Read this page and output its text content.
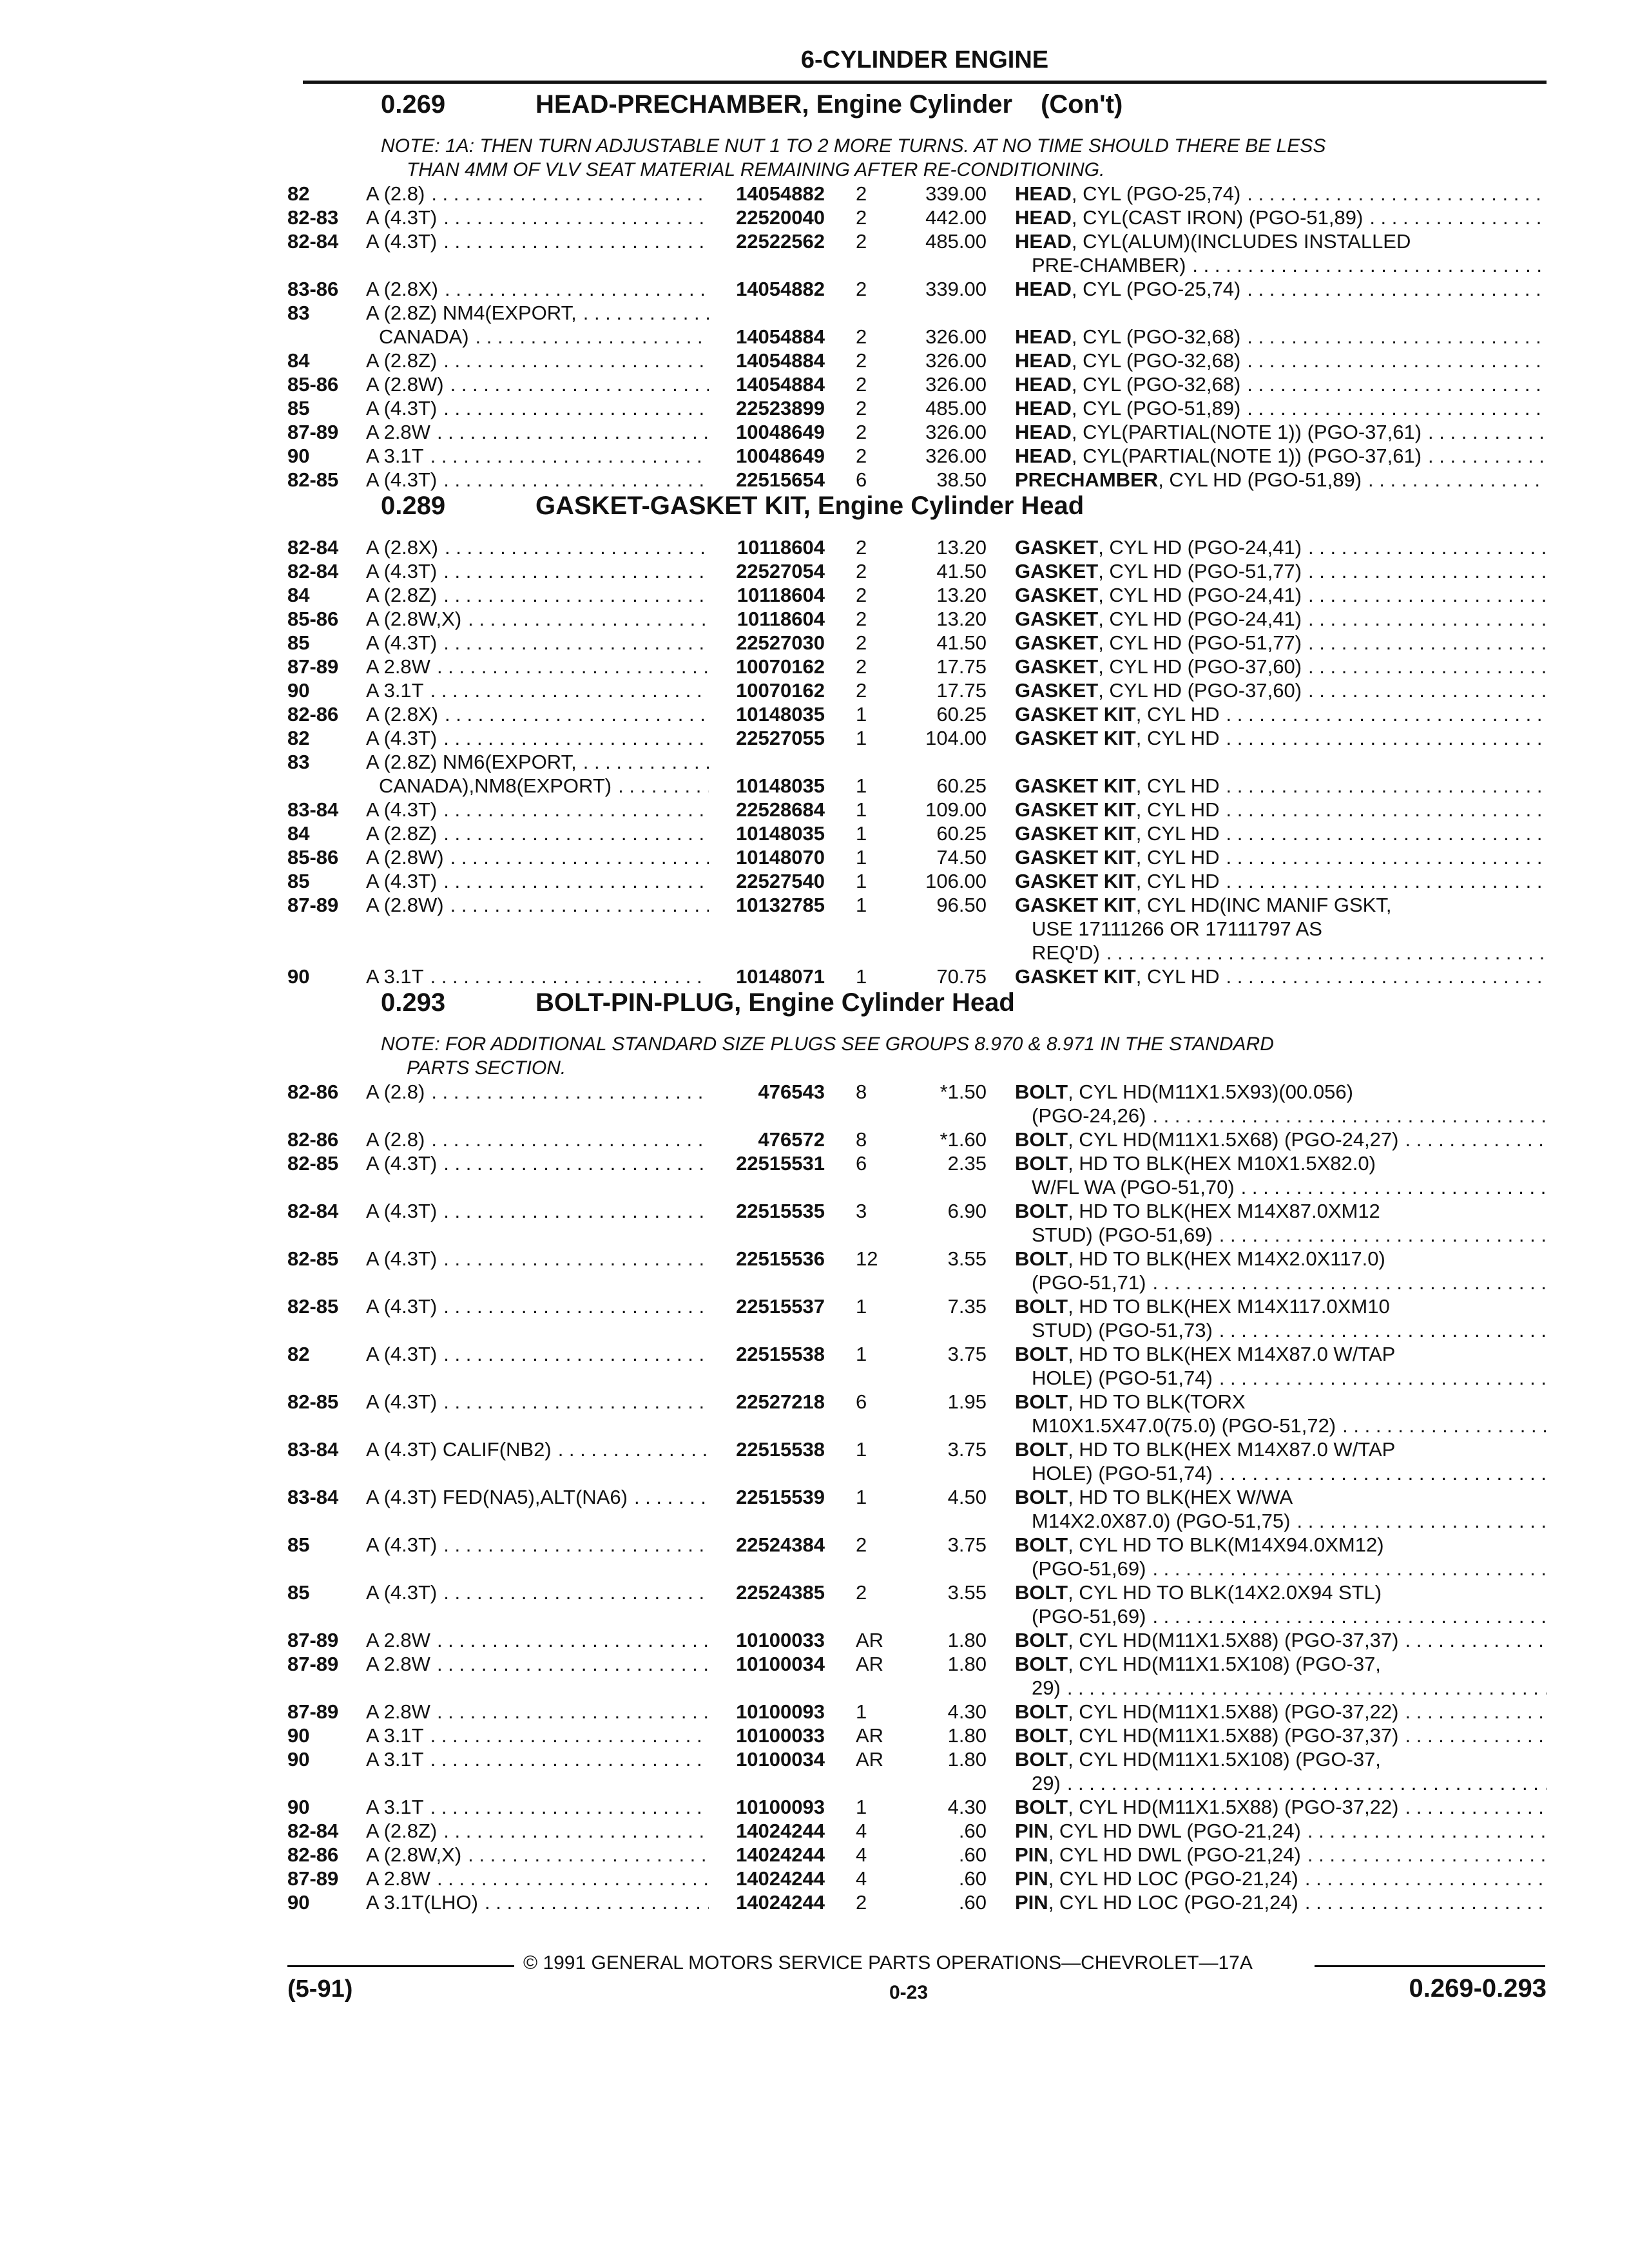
6-CYLINDER ENGINE
0.269	HEAD-PRECHAMBER, Engine Cylinder (Con't)
NOTE: 1A: THEN TURN ADJUSTABLE NUT 1 TO 2 MORE TURNS. AT NO TIME SHOULD THERE BE LESS
THAN 4MM OF VLV SEAT MATERIAL REMAINING AFTER RE-CONDITIONING.
82	A (2.8) . . .	14054882	2	339.00	HEAD , CYL (PGO-25,74)
. . .
82-83	A (4.3T) . . .	22520040	2	442.00	HEAD , CYL(CAST IRON) (PGO-51,89)
. . .
82-84	A (4.3T) . . .	22522562	2	485.00	HEAD , CYL(ALUM)(INCLUDES INSTALLED
PRE-CHAMBER)
. . .
83-86	A (2.8X) . . .	14054882	2	339.00	HEAD , CYL (PGO-25,74)
. . .
83	A (2.8Z) NM4(EXPORT, . . .
CANADA) . . .	14054884	2	326.00	HEAD , CYL (PGO-32,68)
. . .
84	A (2.8Z) . . .	14054884	2	326.00	HEAD , CYL (PGO-32,68)
. . .
85-86	A (2.8W) . . .	14054884	2	326.00	HEAD , CYL (PGO-32,68)
. . .
85	A (4.3T) . . .	22523899	2	485.00	HEAD , CYL (PGO-51,89)
. . .
87-89	A 2.8W . . .	10048649	2	326.00	HEAD , CYL(PARTIAL(NOTE 1)) (PGO-37,61)
. . .
90	A 3.1T . . .	10048649	2	326.00	HEAD , CYL(PARTIAL(NOTE 1)) (PGO-37,61)
. . .
82-85	A (4.3T) . . .	22515654	6	38.50	PRECHAMBER , CYL HD (PGO-51,89)
. . .
0.289	GASKET-GASKET KIT, Engine Cylinder Head
82-84	A (2.8X) . . .	10118604	2	13.20	GASKET , CYL HD (PGO-24,41)
. . .
82-84	A (4.3T) . . .	22527054	2	41.50	GASKET , CYL HD (PGO-51,77)
. . .
84	A (2.8Z) . . .	10118604	2	13.20	GASKET , CYL HD (PGO-24,41)
. . .
85-86	A (2.8W,X) . . .	10118604	2	13.20	GASKET , CYL HD (PGO-24,41)
. . .
85	A (4.3T) . . .	22527030	2	41.50	GASKET , CYL HD (PGO-51,77)
. . .
87-89	A 2.8W . . .	10070162	2	17.75	GASKET , CYL HD (PGO-37,60)
. . .
90	A 3.1T . . .	10070162	2	17.75	GASKET , CYL HD (PGO-37,60)
. . .
82-86	A (2.8X) . . .	10148035	1	60.25	GASKET KIT , CYL HD
. . .
82	A (4.3T) . . .	22527055	1	104.00	GASKET KIT , CYL HD
. . .
83	A (2.8Z) NM6(EXPORT, . . .
CANADA),NM8(EXPORT) . . .	10148035	1	60.25	GASKET KIT , CYL HD
. . .
83-84	A (4.3T) . . .	22528684	1	109.00	GASKET KIT , CYL HD
. . .
84	A (2.8Z) . . .	10148035	1	60.25	GASKET KIT , CYL HD
. . .
85-86	A (2.8W) . . .	10148070	1	74.50	GASKET KIT , CYL HD
. . .
85	A (4.3T) . . .	22527540	1	106.00	GASKET KIT , CYL HD
. . .
87-89	A (2.8W) . . .	10132785	1	96.50	GASKET KIT , CYL HD(INC MANIF GSKT,
USE 17111266 OR 17111797 AS
REQ'D)
. . .
90	A 3.1T . . .	10148071	1	70.75	GASKET KIT , CYL HD
. . .
0.293	BOLT-PIN-PLUG, Engine Cylinder Head
NOTE: FOR ADDITIONAL STANDARD SIZE PLUGS SEE GROUPS 8.970 & 8.971 IN THE STANDARD
PARTS SECTION.
82-86	A (2.8) . . .	476543	8	*1.50	BOLT , CYL HD(M11X1.5X93)(00.056)
(PGO-24,26)
. . .
82-86	A (2.8) . . .	476572	8	*1.60	BOLT , CYL HD(M11X1.5X68) (PGO-24,27)
. . .
82-85	A (4.3T) . . .	22515531	6	2.35	BOLT , HD TO BLK(HEX M10X1.5X82.0)
W/FL WA (PGO-51,70)
. . .
82-84	A (4.3T) . . .	22515535	3	6.90	BOLT , HD TO BLK(HEX M14X87.0XM12
STUD) (PGO-51,69)
. . .
82-85	A (4.3T) . . .	22515536	12	3.55	BOLT , HD TO BLK(HEX M14X2.0X117.0)
(PGO-51,71)
. . .
82-85	A (4.3T) . . .	22515537	1	7.35	BOLT , HD TO BLK(HEX M14X117.0XM10
STUD) (PGO-51,73)
. . .
82	A (4.3T) . . .	22515538	1	3.75	BOLT , HD TO BLK(HEX M14X87.0 W/TAP
HOLE) (PGO-51,74)
. . .
82-85	A (4.3T) . . .	22527218	6	1.95	BOLT , HD TO BLK(TORX
M10X1.5X47.0(75.0) (PGO-51,72)
. . .
83-84	A (4.3T) CALIF(NB2) . . .	22515538	1	3.75	BOLT , HD TO BLK(HEX M14X87.0 W/TAP
HOLE) (PGO-51,74)
. . .
83-84	A (4.3T) FED(NA5),ALT(NA6) . . .	22515539	1	4.50	BOLT , HD TO BLK(HEX W/WA
M14X2.0X87.0) (PGO-51,75)
. . .
85	A (4.3T) . . .	22524384	2	3.75	BOLT , CYL HD TO BLK(M14X94.0XM12)
(PGO-51,69)
. . .
85	A (4.3T) . . .	22524385	2	3.55	BOLT , CYL HD TO BLK(14X2.0X94 STL)
(PGO-51,69)
. . .
87-89	A 2.8W . . .	10100033	AR	1.80	BOLT , CYL HD(M11X1.5X88) (PGO-37,37)
. . .
87-89	A 2.8W . . .	10100034	AR	1.80	BOLT , CYL HD(M11X1.5X108) (PGO-37,
29)
. . .
87-89	A 2.8W . . .	10100093	1	4.30	BOLT , CYL HD(M11X1.5X88) (PGO-37,22)
. . .
90	A 3.1T . . .	10100033	AR	1.80	BOLT , CYL HD(M11X1.5X88) (PGO-37,37)
. . .
90	A 3.1T . . .	10100034	AR	1.80	BOLT , CYL HD(M11X1.5X108) (PGO-37,
29)
. . .
90	A 3.1T . . .	10100093	1	4.30	BOLT , CYL HD(M11X1.5X88) (PGO-37,22)
. . .
82-84	A (2.8Z) . . .	14024244	4	.60	PIN , CYL HD DWL (PGO-21,24)
. . .
82-86	A (2.8W,X) . . .	14024244	4	.60	PIN , CYL HD DWL (PGO-21,24)
. . .
87-89	A 2.8W . . .	14024244	4	.60	PIN , CYL HD LOC (PGO-21,24)
. . .
90	A 3.1T(LHO) . . .	14024244	2	.60	PIN , CYL HD LOC (PGO-21,24)
. . .
© 1991 GENERAL MOTORS SERVICE PARTS OPERATIONS—CHEVROLET—17A
(5-91)	0-23	0.269-0.293
